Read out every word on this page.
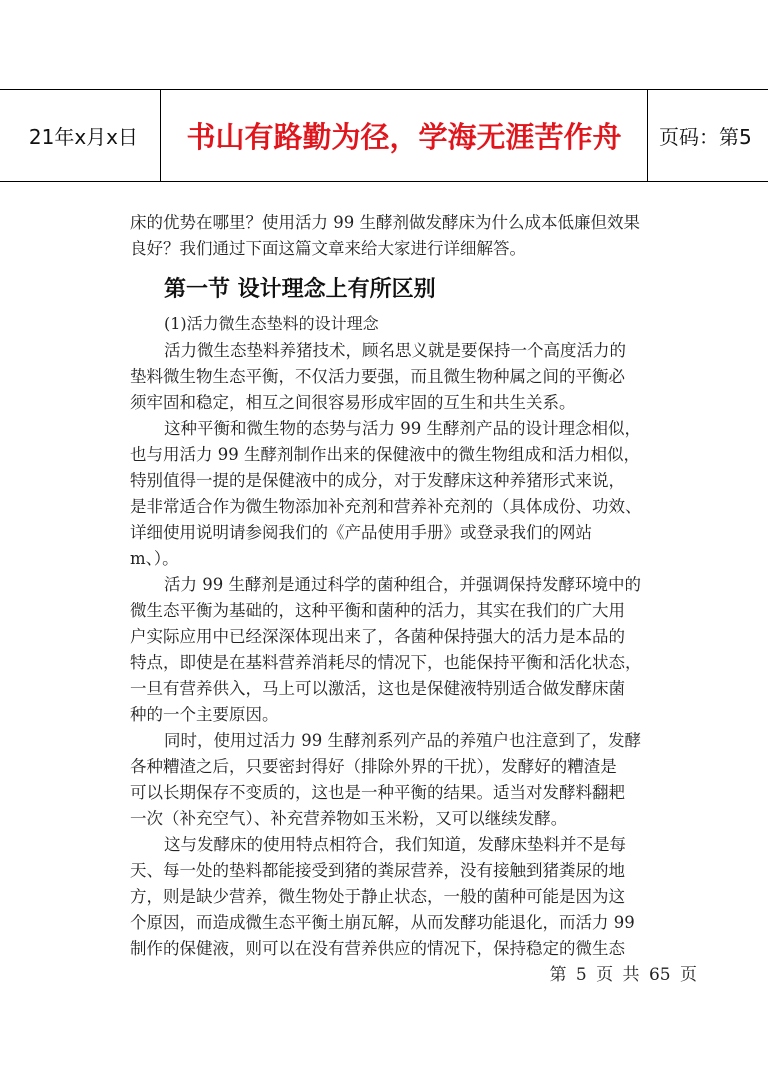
21年x月x日	书山有路勤为径，学海无涯苦作舟	页码：第5
床的优势在哪里？使用活力 99 生酵剂做发酵床为什么成本低廉但效果
良好？我们通过下面这篇文章来给大家进行详细解答。
第一节 设计理念上有所区别
(1)活力微生态垫料的设计理念
活力微生态垫料养猪技术，顾名思义就是要保持一个高度活力的
垫料微生物生态平衡，不仅活力要强，而且微生物种属之间的平衡必
须牢固和稳定，相互之间很容易形成牢固的互生和共生关系。
这种平衡和微生物的态势与活力 99 生酵剂产品的设计理念相似，
也与用活力 99 生酵剂制作出来的保健液中的微生物组成和活力相似，
特别值得一提的是保健液中的成分，对于发酵床这种养猪形式来说，
是非常适合作为微生物添加补充剂和营养补充剂的（具体成份、功效、
详细使用说明请参阅我们的《产品使用手册》或登录我们的网站
m、）。
活力 99 生酵剂是通过科学的菌种组合，并强调保持发酵环境中的
微生态平衡为基础的，这种平衡和菌种的活力，其实在我们的广大用
户实际应用中已经深深体现出来了，各菌种保持强大的活力是本品的
特点，即使是在基料营养消耗尽的情况下，也能保持平衡和活化状态，
一旦有营养供入，马上可以激活，这也是保健液特别适合做发酵床菌
种的一个主要原因。
同时，使用过活力 99 生酵剂系列产品的养殖户也注意到了，发酵
各种糟渣之后，只要密封得好（排除外界的干扰），发酵好的糟渣是
可以长期保存不变质的，这也是一种平衡的结果。适当对发酵料翻耙
一次（补充空气）、补充营养物如玉米粉，又可以继续发酵。
这与发酵床的使用特点相符合，我们知道，发酵床垫料并不是每
天、每一处的垫料都能接受到猪的粪尿营养，没有接触到猪粪尿的地
方，则是缺少营养，微生物处于静止状态，一般的菌种可能是因为这
个原因，而造成微生态平衡土崩瓦解，从而发酵功能退化，而活力 99
制作的保健液，则可以在没有营养供应的情况下，保持稳定的微生态
第 5 页 共 65 页
